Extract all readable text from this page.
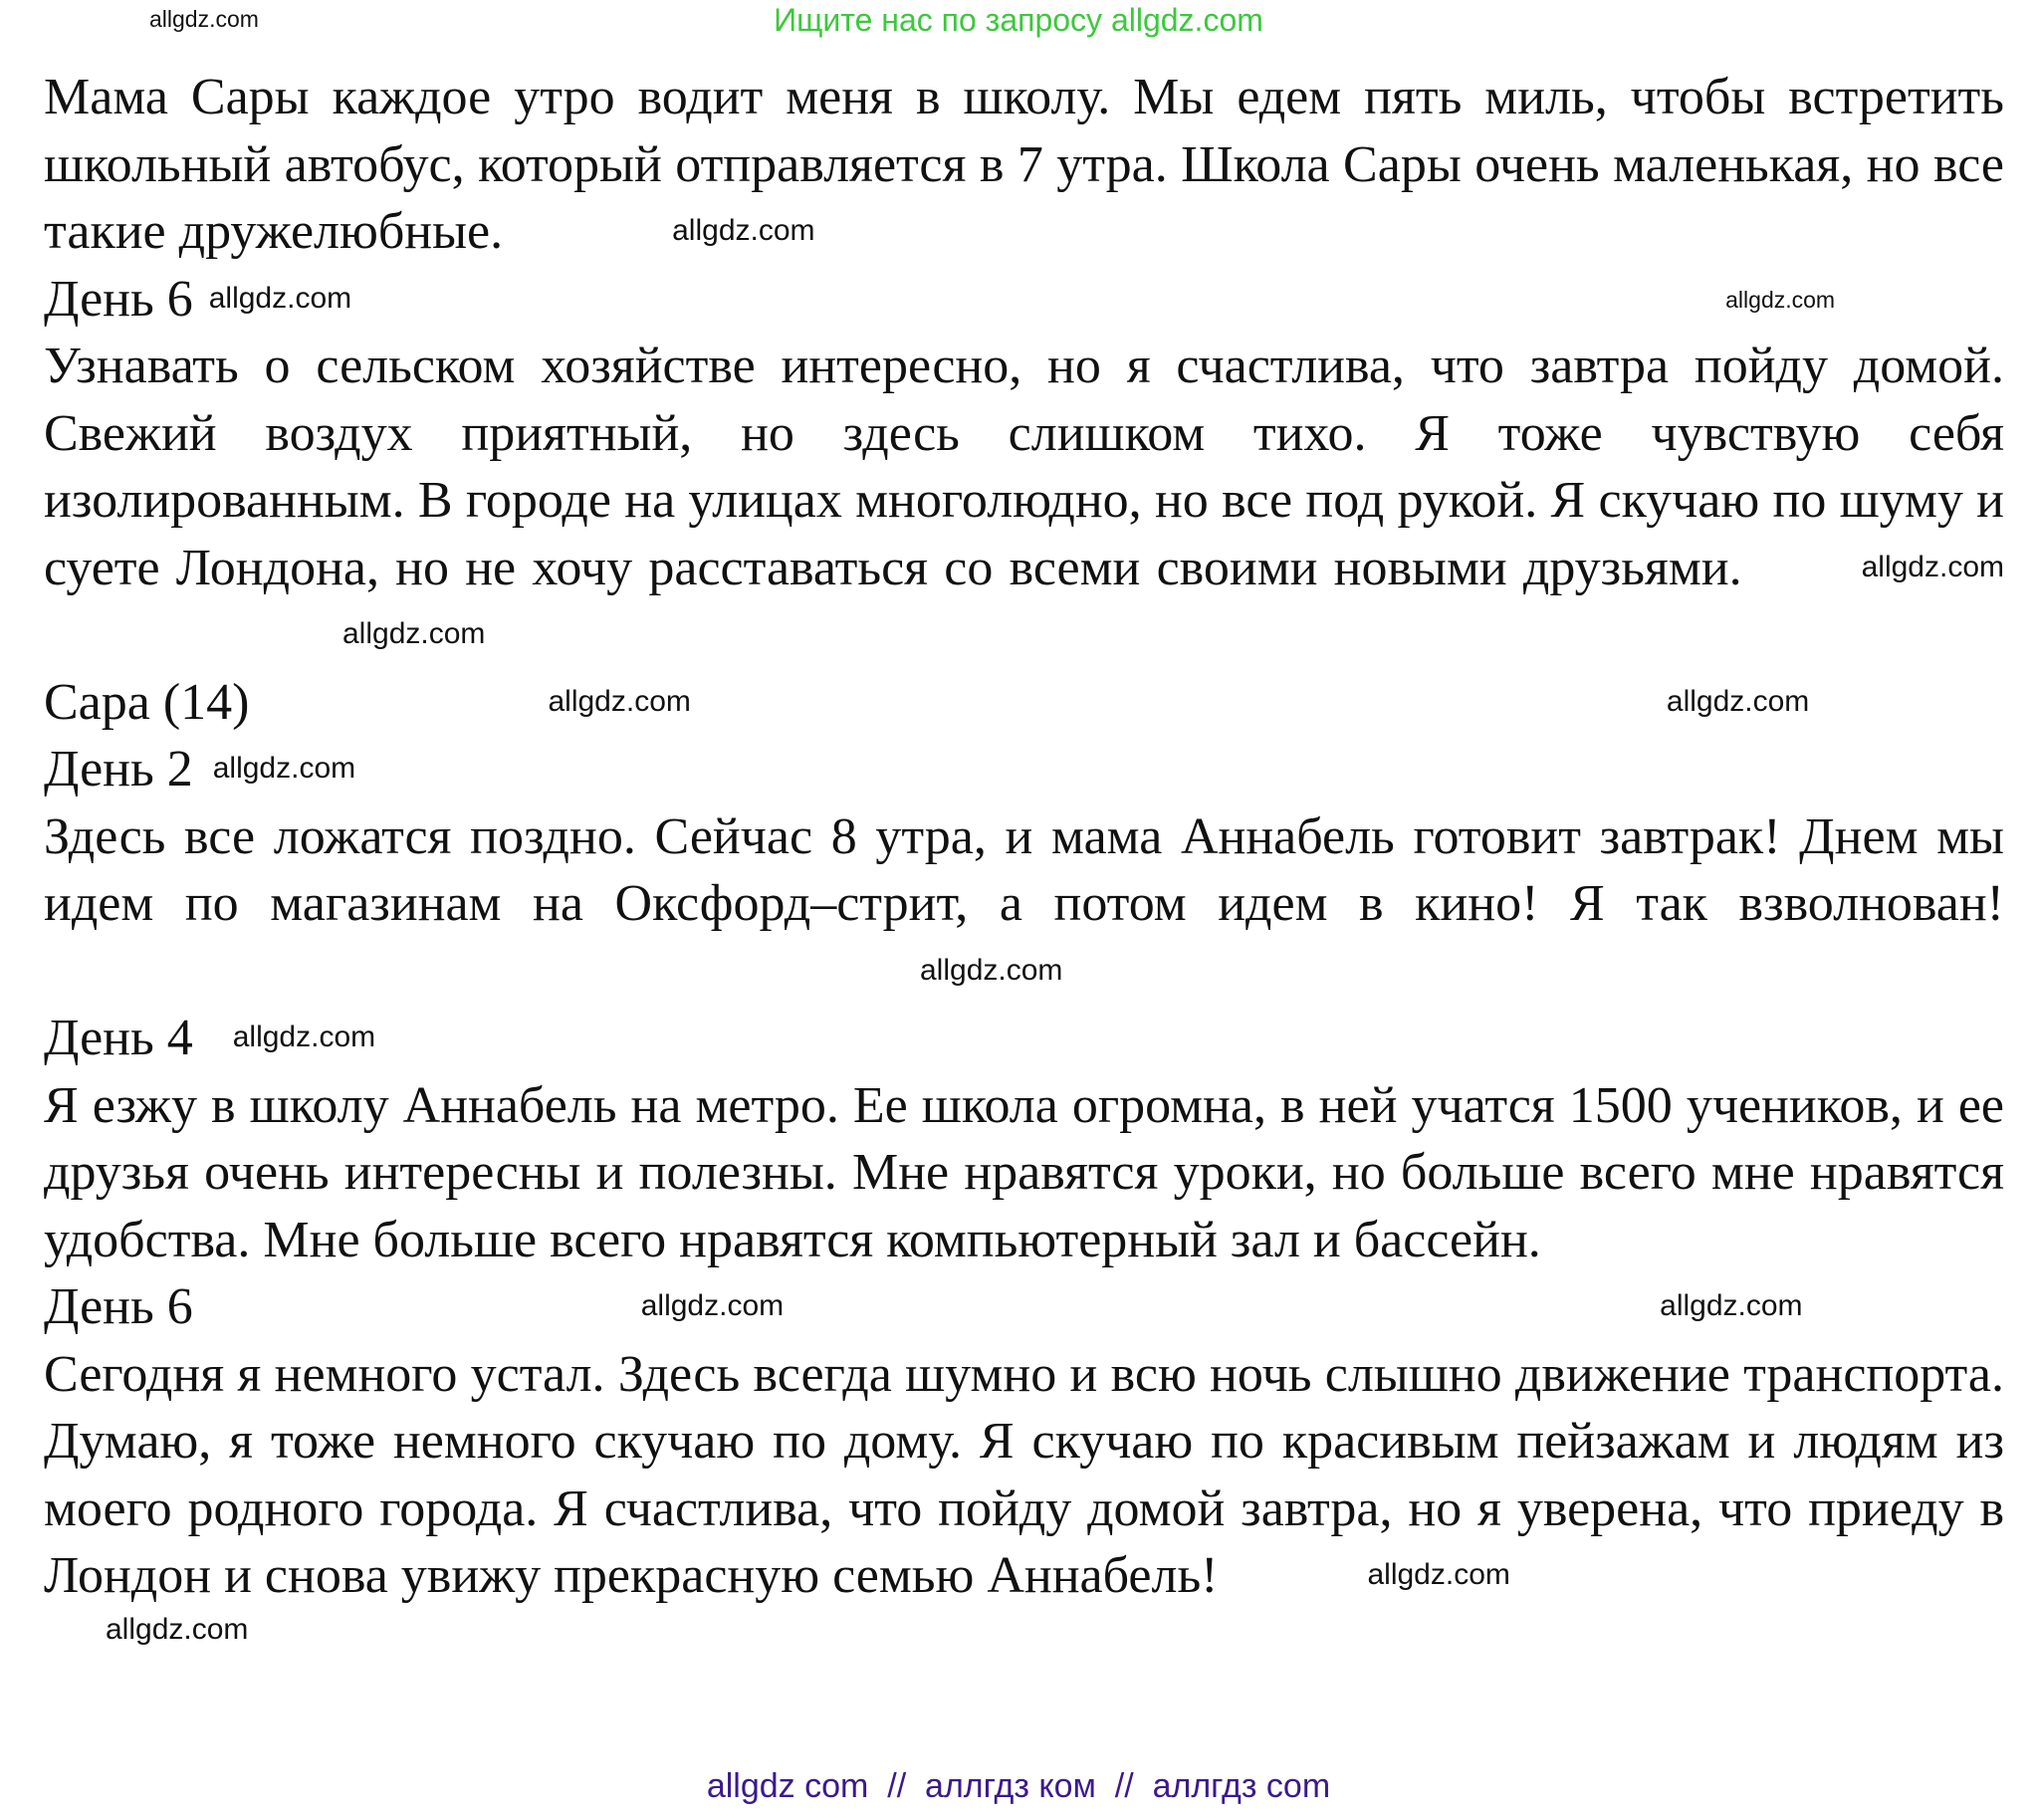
Ищите нас по запросу allgdz.com
allgdz.com

Мама Сары каждое утро водит меня в школу. Мы едем пять миль, чтобы встретить школьный автобус, который отправляется в 7 утра. Школа Сары очень маленькая, но все такие дружелюбные.	allgdz.com

День 6 allgdz.com	allgdz.com

Узнавать о сельском хозяйстве интересно, но я счастлива, что завтра пойду домой. Свежий воздух приятный, но здесь слишком тихо. Я тоже чувствую себя изолированным. В городе на улицах многолюдно, но все под рукой. Я скучаю по шуму и суете Лондона, но не хочу расставаться со всеми своими новыми друзьями.	allgdz.comallgdz.com

Сара (14)	allgdz.com	allgdz.com

День 2 allgdz.com

Здесь все ложатся поздно. Сейчас 8 утра, и мама Аннабель готовит завтрак! Днем мы идем по магазинам на Оксфорд–стрит, а потом идем в кино! Я так взволнован!allgdz.com

День 4 allgdz.com

Я езжу в школу Аннабель на метро. Ее школа огромна, в ней учатся 1500 учеников, и ее друзья очень интересны и полезны. Мне нравятся уроки, но больше всего мне нравятся удобства. Мне больше всего нравятся компьютерный зал и бассейн.

День 6	allgdz.com	allgdz.com

Сегодня я немного устал. Здесь всегда шумно и всю ночь слышно движение транспорта. Думаю, я тоже немного скучаю по дому. Я скучаю по красивым пейзажам и людям из моего родного города. Я счастлива, что пойду домой завтра, но я уверена, что приеду в Лондон и снова увижу прекрасную семью Аннабель!	allgdz.com

allgdz.com
allgdz com  //  аллгдз ком  //  аллгдз com
